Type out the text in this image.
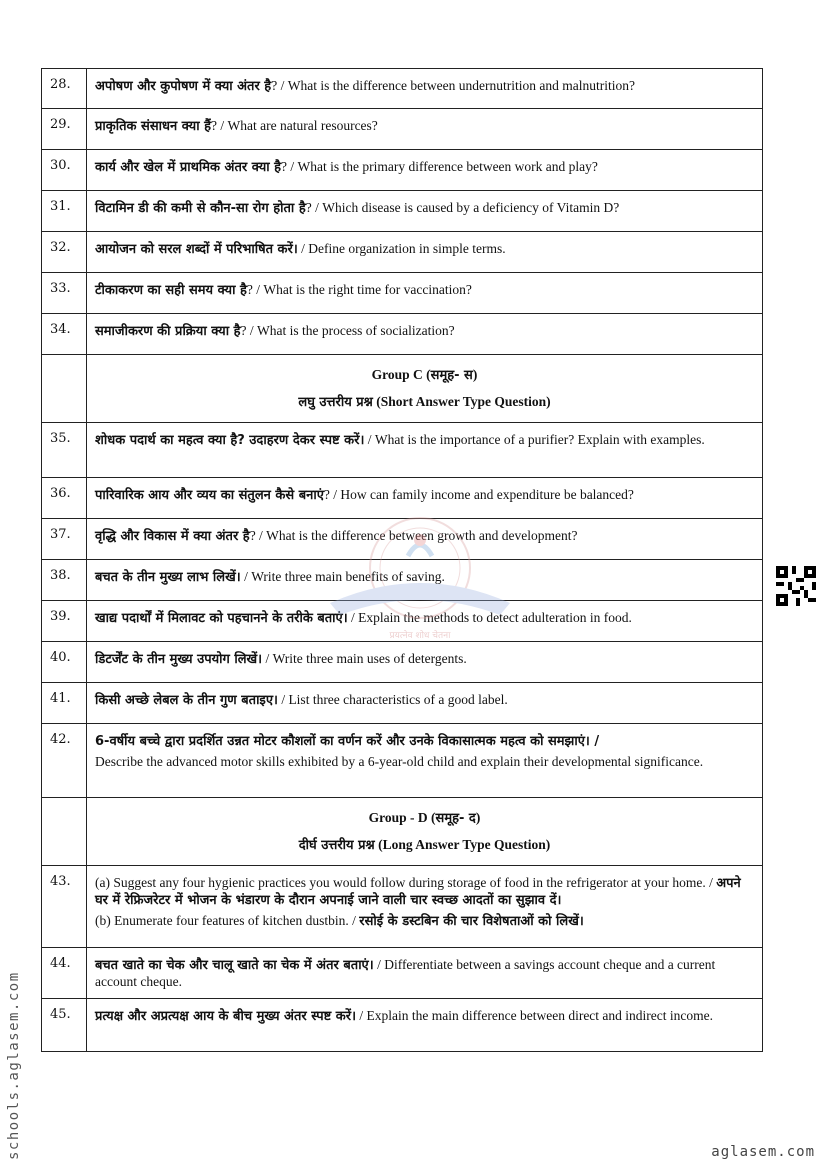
28.	अपोषण और कुपोषण में क्या अंतर है? / What is the difference between undernutrition and malnutrition?
29.	प्राकृतिक संसाधन क्या हैं? / What are natural resources?
30.	कार्य और खेल में प्राथमिक अंतर क्या है? / What is the primary difference between work and play?
31.	विटामिन डी की कमी से कौन-सा रोग होता है? / Which disease is caused by a deficiency of Vitamin D?
32.	आयोजन को सरल शब्दों में परिभाषित करें। / Define organization in simple terms.
33.	टीकाकरण का सही समय क्या है? / What is the right time for vaccination?
34.	समाजीकरण की प्रक्रिया क्या है? / What is the process of socialization?

	Group C (समूह- स)
लघु उत्तरीय प्रश्न (Short Answer Type Question)

35.	शोधक पदार्थ का महत्व क्या है? उदाहरण देकर स्पष्ट करें। / What is the importance of a purifier? Explain with examples.
36.	पारिवारिक आय और व्यय का संतुलन कैसे बनाएं? / How can family income and expenditure be balanced?
37.	वृद्धि और विकास में क्या अंतर है? / What is the difference between growth and development?
38.	बचत के तीन मुख्य लाभ लिखें। / Write three main benefits of saving.
39.	खाद्य पदार्थों में मिलावट को पहचानने के तरीके बताएं। / Explain the methods to detect adulteration in food.
40.	डिटर्जेंट के तीन मुख्य उपयोग लिखें। / Write three main uses of detergents.
41.	किसी अच्छे लेबल के तीन गुण बताइए। / List three characteristics of a good label.
42.	6-वर्षीय बच्चे द्वारा प्रदर्शित उन्नत मोटर कौशलों का वर्णन करें और उनके विकासात्मक महत्व को समझाएं। /
Describe the advanced motor skills exhibited by a 6-year-old child and explain their developmental significance.

	Group - D (समूह- द)
दीर्घ उत्तरीय प्रश्न (Long Answer Type Question)

43.	(a) Suggest any four hygienic practices you would follow during storage of food in the refrigerator at your home. / अपने घर में रेफ्रिजरेटर में भोजन के भंडारण के दौरान अपनाई जाने वाली चार स्वच्छ आदतों का सुझाव दें।
(b) Enumerate four features of kitchen dustbin. / रसोई के डस्टबिन की चार विशेषताओं को लिखें।

44.	बचत खाते का चेक और चालू खाते का चेक में अंतर बताएं। / Differentiate between a savings account cheque and a current account cheque.
45.	प्रत्यक्ष और अप्रत्यक्ष आय के बीच मुख्य अंतर स्पष्ट करें। / Explain the main difference between direct and indirect income.
प्रयत्नेव शोध चेतना
schools.aglasem.com	aglasem.com
